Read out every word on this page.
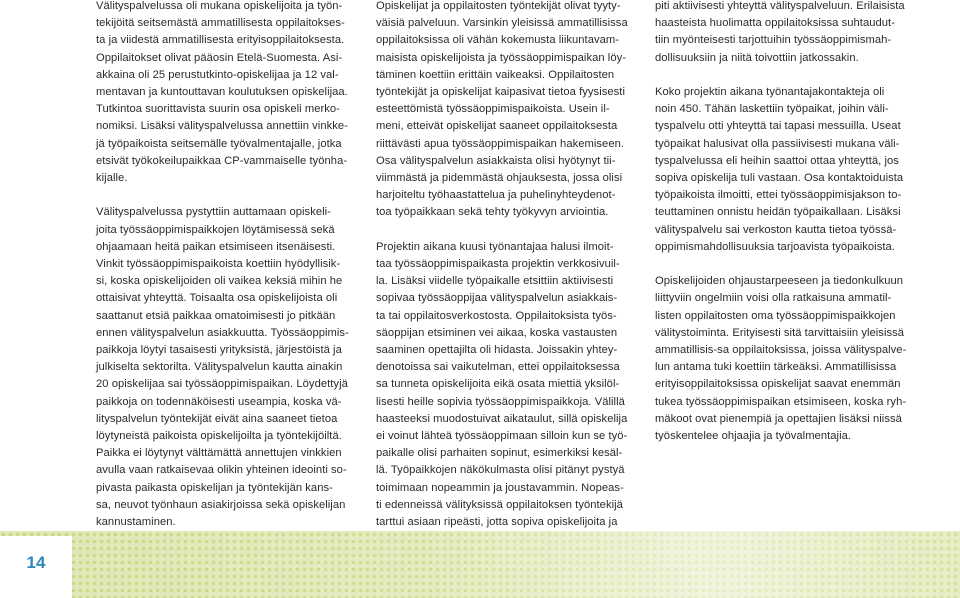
Välityspalvelussa oli mukana opiskelijoita ja työn-
tekijöitä seitsemästä ammatillisesta oppilaitokses-
ta ja viidestä ammatillisesta erityisoppilaitoksesta.
Oppilaitokset olivat pääosin Etelä-Suomesta. Asi-
akkaina oli 25 perustutkinto-opiskelijaa ja 12 val-
mentavan ja kuntouttavan koulutuksen opiskelijaa.
Tutkintoa suorittavista suurin osa opiskeli merko-
nomiksi. Lisäksi välityspalvelussa annettiin vinkke-
jä työpaikoista seitsemälle työvalmentajalle, jotka
etsivät työkokeilupaikkaa CP-vammaiselle työnha-
kijalle.

Välityspalvelussa pystyttiin auttamaan opiskeli-
joita työssäoppimispaikkojen löytämisessä sekä
ohjaamaan heitä paikan etsimiseen itsenäisesti.
Vinkit työssäoppimispaikoista koettiin hyödyllisik-
si, koska opiskelijoiden oli vaikea keksiä mihin he
ottaisivat yhteyttä. Toisaalta osa opiskelijoista oli
saattanut etsiä paikkaa omatoimisesti jo pitkään
ennen välityspalvelun asiakkuutta. Työssäoppimis-
paikkoja löytyi tasaisesti yrityksistä, järjestöistä ja
julkiselta sektorilta. Välityspalvelun kautta ainakin
20 opiskelijaa sai työssäoppimispaikan. Löydettyjä
paikkoja on todennäköisesti useampia, koska vä-
lityspalvelun työntekijät eivät aina saaneet tietoa
löytyneistä paikoista opiskelijoilta ja työntekijöiltä.
Paikka ei löytynyt välttämättä annettujen vinkkien
avulla vaan ratkaisevaa olikin yhteinen ideointi so-
pivasta paikasta opiskelijan ja työntekijän kans-
sa, neuvot työnhaun asiakirjoissa sekä opiskelijan
kannustaminen.

Opiskelijat ja oppilaitosten työntekijät olivat tyyty-
väisiä palveluun. Varsinkin yleisissä ammatillisissa
oppilaitoksissa oli vähän kokemusta liikuntavam-
maisista opiskelijoista ja työssäoppimispaikan löy-
täminen koettiin erittäin vaikeaksi. Oppilaitosten
työntekijät ja opiskelijat kaipasivat tietoa fyysisesti
esteettömistä työssäoppimispaikoista. Usein il-
meni, etteivät opiskelijat saaneet oppilaitoksesta
riittävästi apua työssäoppimispaikan hakemiseen.
Osa välityspalvelun asiakkaista olisi hyötynyt tii-
viimmästä ja pidemmästä ohjauksesta, jossa olisi
harjoiteltu työhaastattelua ja puhelinyhteydenot-
toa työpaikkaan sekä tehty työkyvyn arviointia.

Projektin aikana kuusi työnantajaa halusi ilmoit-
taa työssäoppimispaikasta projektin verkkosivuil-
la. Lisäksi viidelle työpaikalle etsittiin aktiivisesti
sopivaa työssäoppijaa välityspalvelun asiakkais-
ta tai oppilaitosverkostosta. Oppilaitoksista työs-
säoppijan etsiminen vei aikaa, koska vastausten
saaminen opettajilta oli hidasta. Joissakin yhtey-
denotoissa sai vaikutelman, ettei oppilaitoksessa
sa tunneta opiskelijoita eikä osata miettiä yksilöl-
lisesti heille sopivia työssäoppimispaikkoja. Välillä
haasteeksi muodostuivat aikataulut, sillä opiskelija
ei voinut lähteä työssäoppimaan silloin kun se työ-
paikalle olisi parhaiten sopinut, esimerkiksi kesäl-
lä. Työpaikkojen näkökulmasta olisi pitänyt pystyä
toimimaan nopeammin ja joustavammin. Nopeas-
ti edenneissä välityksissä oppilaitoksen työntekijä
tarttui asiaan ripeästi, jotta sopiva opiskelijoita ja

piti aktiivisesti yhteyttä välityspalveluun. Erilaisista
haasteista huolimatta oppilaitoksissa suhtaudut-
tiin myönteisesti tarjottuihin työssäoppimismah-
dollisuuksiin ja niitä toivottiin jatkossakin.

Koko projektin aikana työnantajakontakteja oli
noin 450. Tähän laskettiin työpaikat, joihin väli-
tyspalvelu otti yhteyttä tai tapasi messuilla. Useat
työpaikat halusivat olla passiivisesti mukana väli-
tyspalvelussa eli heihin saattoi ottaa yhteyttä, jos
sopiva opiskelija tuli vastaan. Osa kontaktoiduista
työpaikoista ilmoitti, ettei työssäoppimisjakson to-
teuttaminen onnistu heidän työpaikallaan. Lisäksi
välityspalvelu sai verkoston kautta tietoa työssä-
oppimismahdollisuuksia tarjoavista työpaikoista.

Opiskelijoiden ohjaustarpeeseen ja tiedonkulkuun
liittyviin ongelmiin voisi olla ratkaisuna ammatil-
listen oppilaitosten oma työssäoppimispaikkojen
välitystoiminta. Erityisesti sitä tarvittaisiin yleisissä
ammatillisis-sa oppilaitoksissa, joissa välityspalve-
lun antama tuki koettiin tärkeäksi. Ammatillisissa
erityisoppilaitoksissa opiskelijat saavat enemmän
tukea työssäoppimispaikan etsimiseen, koska ryh-
mäkoot ovat pienempiä ja opettajien lisäksi niissä
työskentelee ohjaajia ja työvalmentajia.

14
